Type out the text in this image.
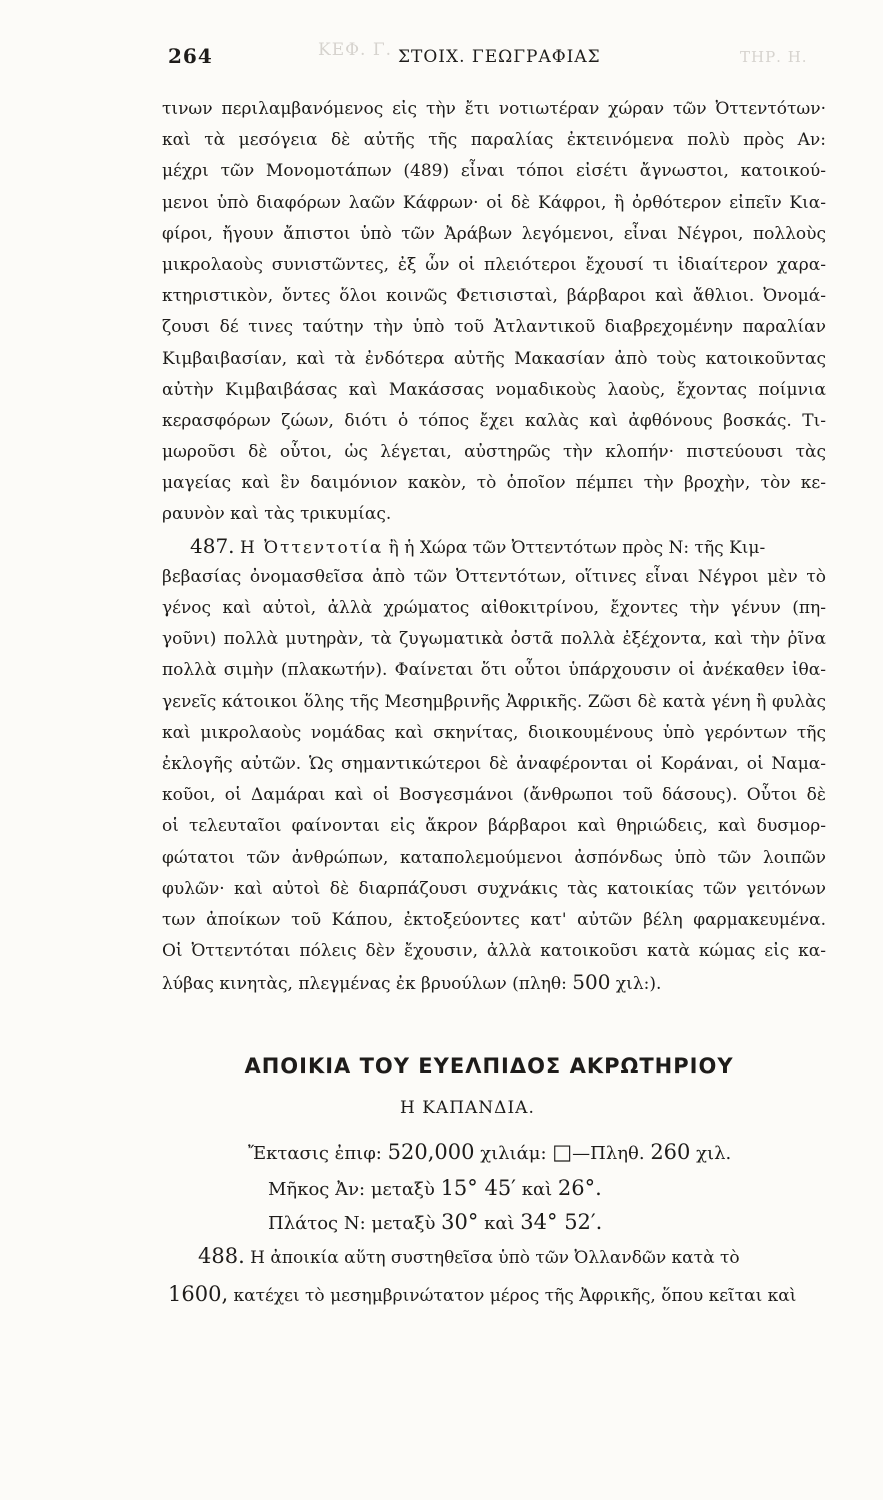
264	ΣΤΟΙΧ. ΓΕΩΓΡΑΦΙΑΣ
ΚΕΦ. Γ.	ΤΗΡ. Η.
τινων περιλαμβανόμενος εἰς τὴν ἔτι νοτιωτέραν χώραν τῶν Ὀττεντότων·
καὶ τὰ μεσόγεια δὲ αὐτῆς τῆς παραλίας ἐκτεινόμενα πολὺ πρὸς Αν:
μέχρι τῶν Μονομοτάπων (489) εἶναι τόποι εἰσέτι ἄγνωστοι, κατοικού-
μενοι ὑπὸ διαφόρων λαῶν Κάφρων· οἱ δὲ Κάφροι, ἢ ὀρθότερον εἰπεῖν Κια-
φίροι, ἤγουν ἄπιστοι ὑπὸ τῶν Ἀράβων λεγόμενοι, εἶναι Νέγροι, πολλοὺς
μικρολαοὺς συνιστῶντες, ἐξ ὧν οἱ πλειότεροι ἔχουσί τι ἰδιαίτερον χαρα-
κτηριστικὸν, ὄντες ὅλοι κοινῶς Φετισισταὶ, βάρβαροι καὶ ἄθλιοι. Ὀνομά-
ζουσι δέ τινες ταύτην τὴν ὑπὸ τοῦ Ἀτλαντικοῦ διαβρεχομένην παραλίαν
Κιμβαιβασίαν, καὶ τὰ ἐνδότερα αὐτῆς Μακασίαν ἀπὸ τοὺς κατοικοῦντας
αὐτὴν Κιμβαιβάσας καὶ Μακάσσας νομαδικοὺς λαοὺς, ἔχοντας ποίμνια
κερασφόρων ζώων, διότι ὁ τόπος ἔχει καλὰς καὶ ἀφθόνους βοσκάς. Τι-
μωροῦσι δὲ οὗτοι, ὡς λέγεται, αὐστηρῶς τὴν κλοπήν· πιστεύουσι τὰς
μαγείας καὶ ἓν δαιμόνιον κακὸν, τὸ ὁποῖον πέμπει τὴν βροχὴν, τὸν κε-
ραυνὸν καὶ τὰς τρικυμίας.
487. Η Ὀττεντοτία ἢ ἡ Χώρα τῶν Ὀττεντότων πρὸς Ν: τῆς Κιμ-
βεβασίας ὀνομασθεῖσα ἀπὸ τῶν Ὀττεντότων, οἵτινες εἶναι Νέγροι μὲν τὸ
γένος καὶ αὐτοὶ, ἀλλὰ χρώματος αἰθοκιτρίνου, ἔχοντες τὴν γένυν (πη-
γοῦνι) πολλὰ μυτηρὰν, τὰ ζυγωματικὰ ὀστᾶ πολλὰ ἐξέχοντα, καὶ τὴν ῥῖνα
πολλὰ σιμὴν (πλακωτήν). Φαίνεται ὅτι οὗτοι ὑπάρχουσιν οἱ ἀνέκαθεν ἰθα-
γενεῖς κάτοικοι ὅλης τῆς Μεσημβρινῆς Ἀφρικῆς. Ζῶσι δὲ κατὰ γένη ἢ φυλὰς
καὶ μικρολαοὺς νομάδας καὶ σκηνίτας, διοικουμένους ὑπὸ γερόντων τῆς
ἐκλογῆς αὐτῶν. Ὡς σημαντικώτεροι δὲ ἀναφέρονται οἱ Κοράναι, οἱ Ναμα-
κοῦοι, οἱ Δαμάραι καὶ οἱ Βοσγεσμάνοι (ἄνθρωποι τοῦ δάσους). Οὗτοι δὲ
οἱ τελευταῖοι φαίνονται εἰς ἄκρον βάρβαροι καὶ θηριώδεις, καὶ δυσμορ-
φώτατοι τῶν ἀνθρώπων, καταπολεμούμενοι ἀσπόνδως ὑπὸ τῶν λοιπῶν
φυλῶν· καὶ αὐτοὶ δὲ διαρπάζουσι συχνάκις τὰς κατοικίας τῶν γειτόνων
των ἀποίκων τοῦ Κάπου, ἐκτοξεύοντες κατ' αὐτῶν βέλη φαρμακευμένα.
Οἱ Ὀττεντόται πόλεις δὲν ἔχουσιν, ἀλλὰ κατοικοῦσι κατὰ κώμας εἰς κα-
λύβας κινητὰς, πλεγμένας ἐκ βρυούλων (πληθ: 500 χιλ:).
ΑΠΟΙΚΙΑ ΤΟΥ ΕΥΕΛΠΙΔΟΣ ΑΚΡΩΤΗΡΙΟΥ
Η ΚΑΠΑΝΔΙΑ.
Ἔκτασις ἐπιφ: 520,000 χιλιάμ: □—Πληθ. 260 χιλ.
Μῆκος Ἀν: μεταξὺ 15° 45′ καὶ 26°.
Πλάτος Ν: μεταξὺ 30° καὶ 34° 52′.
488. Η ἀποικία αὕτη συστηθεῖσα ὑπὸ τῶν Ὀλλανδῶν κατὰ τὸ
1600, κατέχει τὸ μεσημβρινώτατον μέρος τῆς Ἀφρικῆς, ὅπου κεῖται καὶ
